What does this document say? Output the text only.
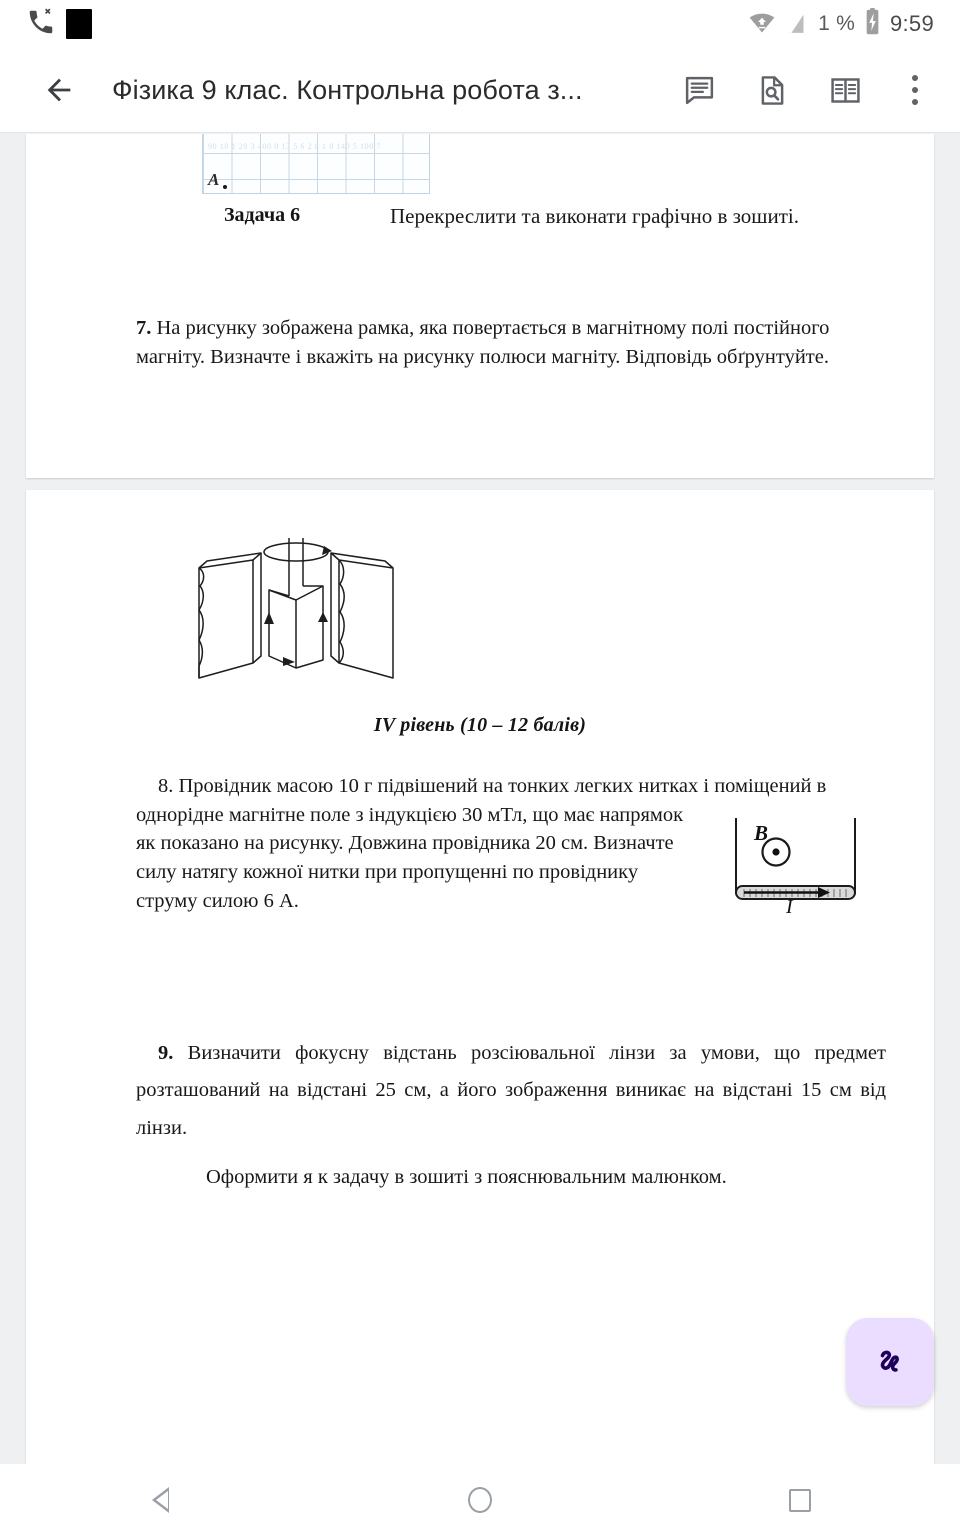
1 % 9:59
Фізика 9 клас. Контрольна робота з...
90 10 1 20 3 400 0 13 5 6 2 8 1 0 140 5 100 7
A
Задача 6	Перекреслити та виконати графічно в зошиті.
7. На рисунку зображена рамка, яка повертається в магнітному полі постійного магніту. Визначте і вкажіть на рисунку полюси магніту. Відповідь обґрунтуйте.
IV рівень (10 – 12 балів)
8. Провідник масою 10 г підвішений на тонких легких нитках і поміщений в
однорідне магнітне поле з індукцією 30 мТл, що має напрямок як показано на рисунку. Довжина провідника 20 см. Визначте силу натягу кожної нитки при пропущенні по провіднику струму силою 6 А.
B
I
9. Визначити фокусну відстань розсіювальної лінзи за умови, що предмет розташований на відстані 25 см, а його зображення виникає на відстані 15 см від лінзи.
Оформити я к задачу в зошиті з пояснювальним малюнком.
